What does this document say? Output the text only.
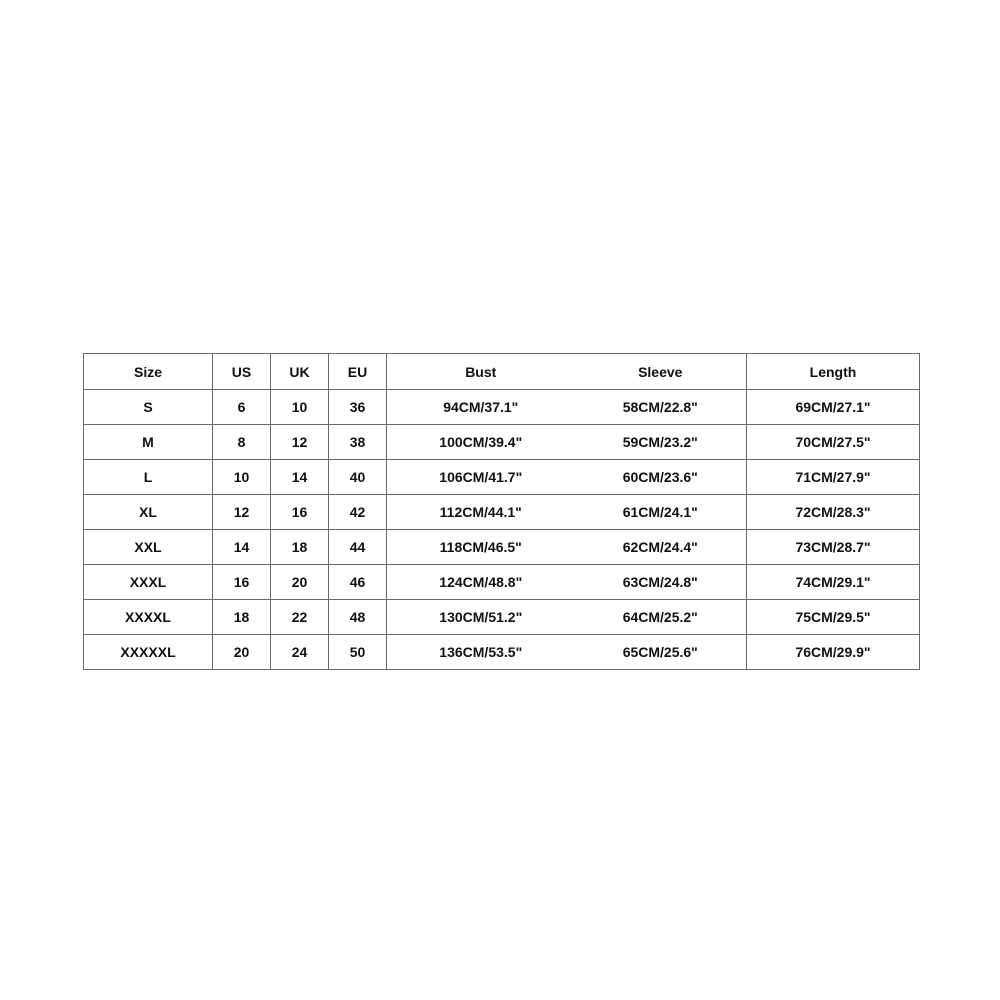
Size	US	UK	EU	Bust	Sleeve	Length
S	6	10	36	94CM/37.1"	58CM/22.8"	69CM/27.1"
M	8	12	38	100CM/39.4"	59CM/23.2"	70CM/27.5"
L	10	14	40	106CM/41.7"	60CM/23.6"	71CM/27.9"
XL	12	16	42	112CM/44.1"	61CM/24.1"	72CM/28.3"
XXL	14	18	44	118CM/46.5"	62CM/24.4"	73CM/28.7"
XXXL	16	20	46	124CM/48.8"	63CM/24.8"	74CM/29.1"
XXXXL	18	22	48	130CM/51.2"	64CM/25.2"	75CM/29.5"
XXXXXL	20	24	50	136CM/53.5"	65CM/25.6"	76CM/29.9"
